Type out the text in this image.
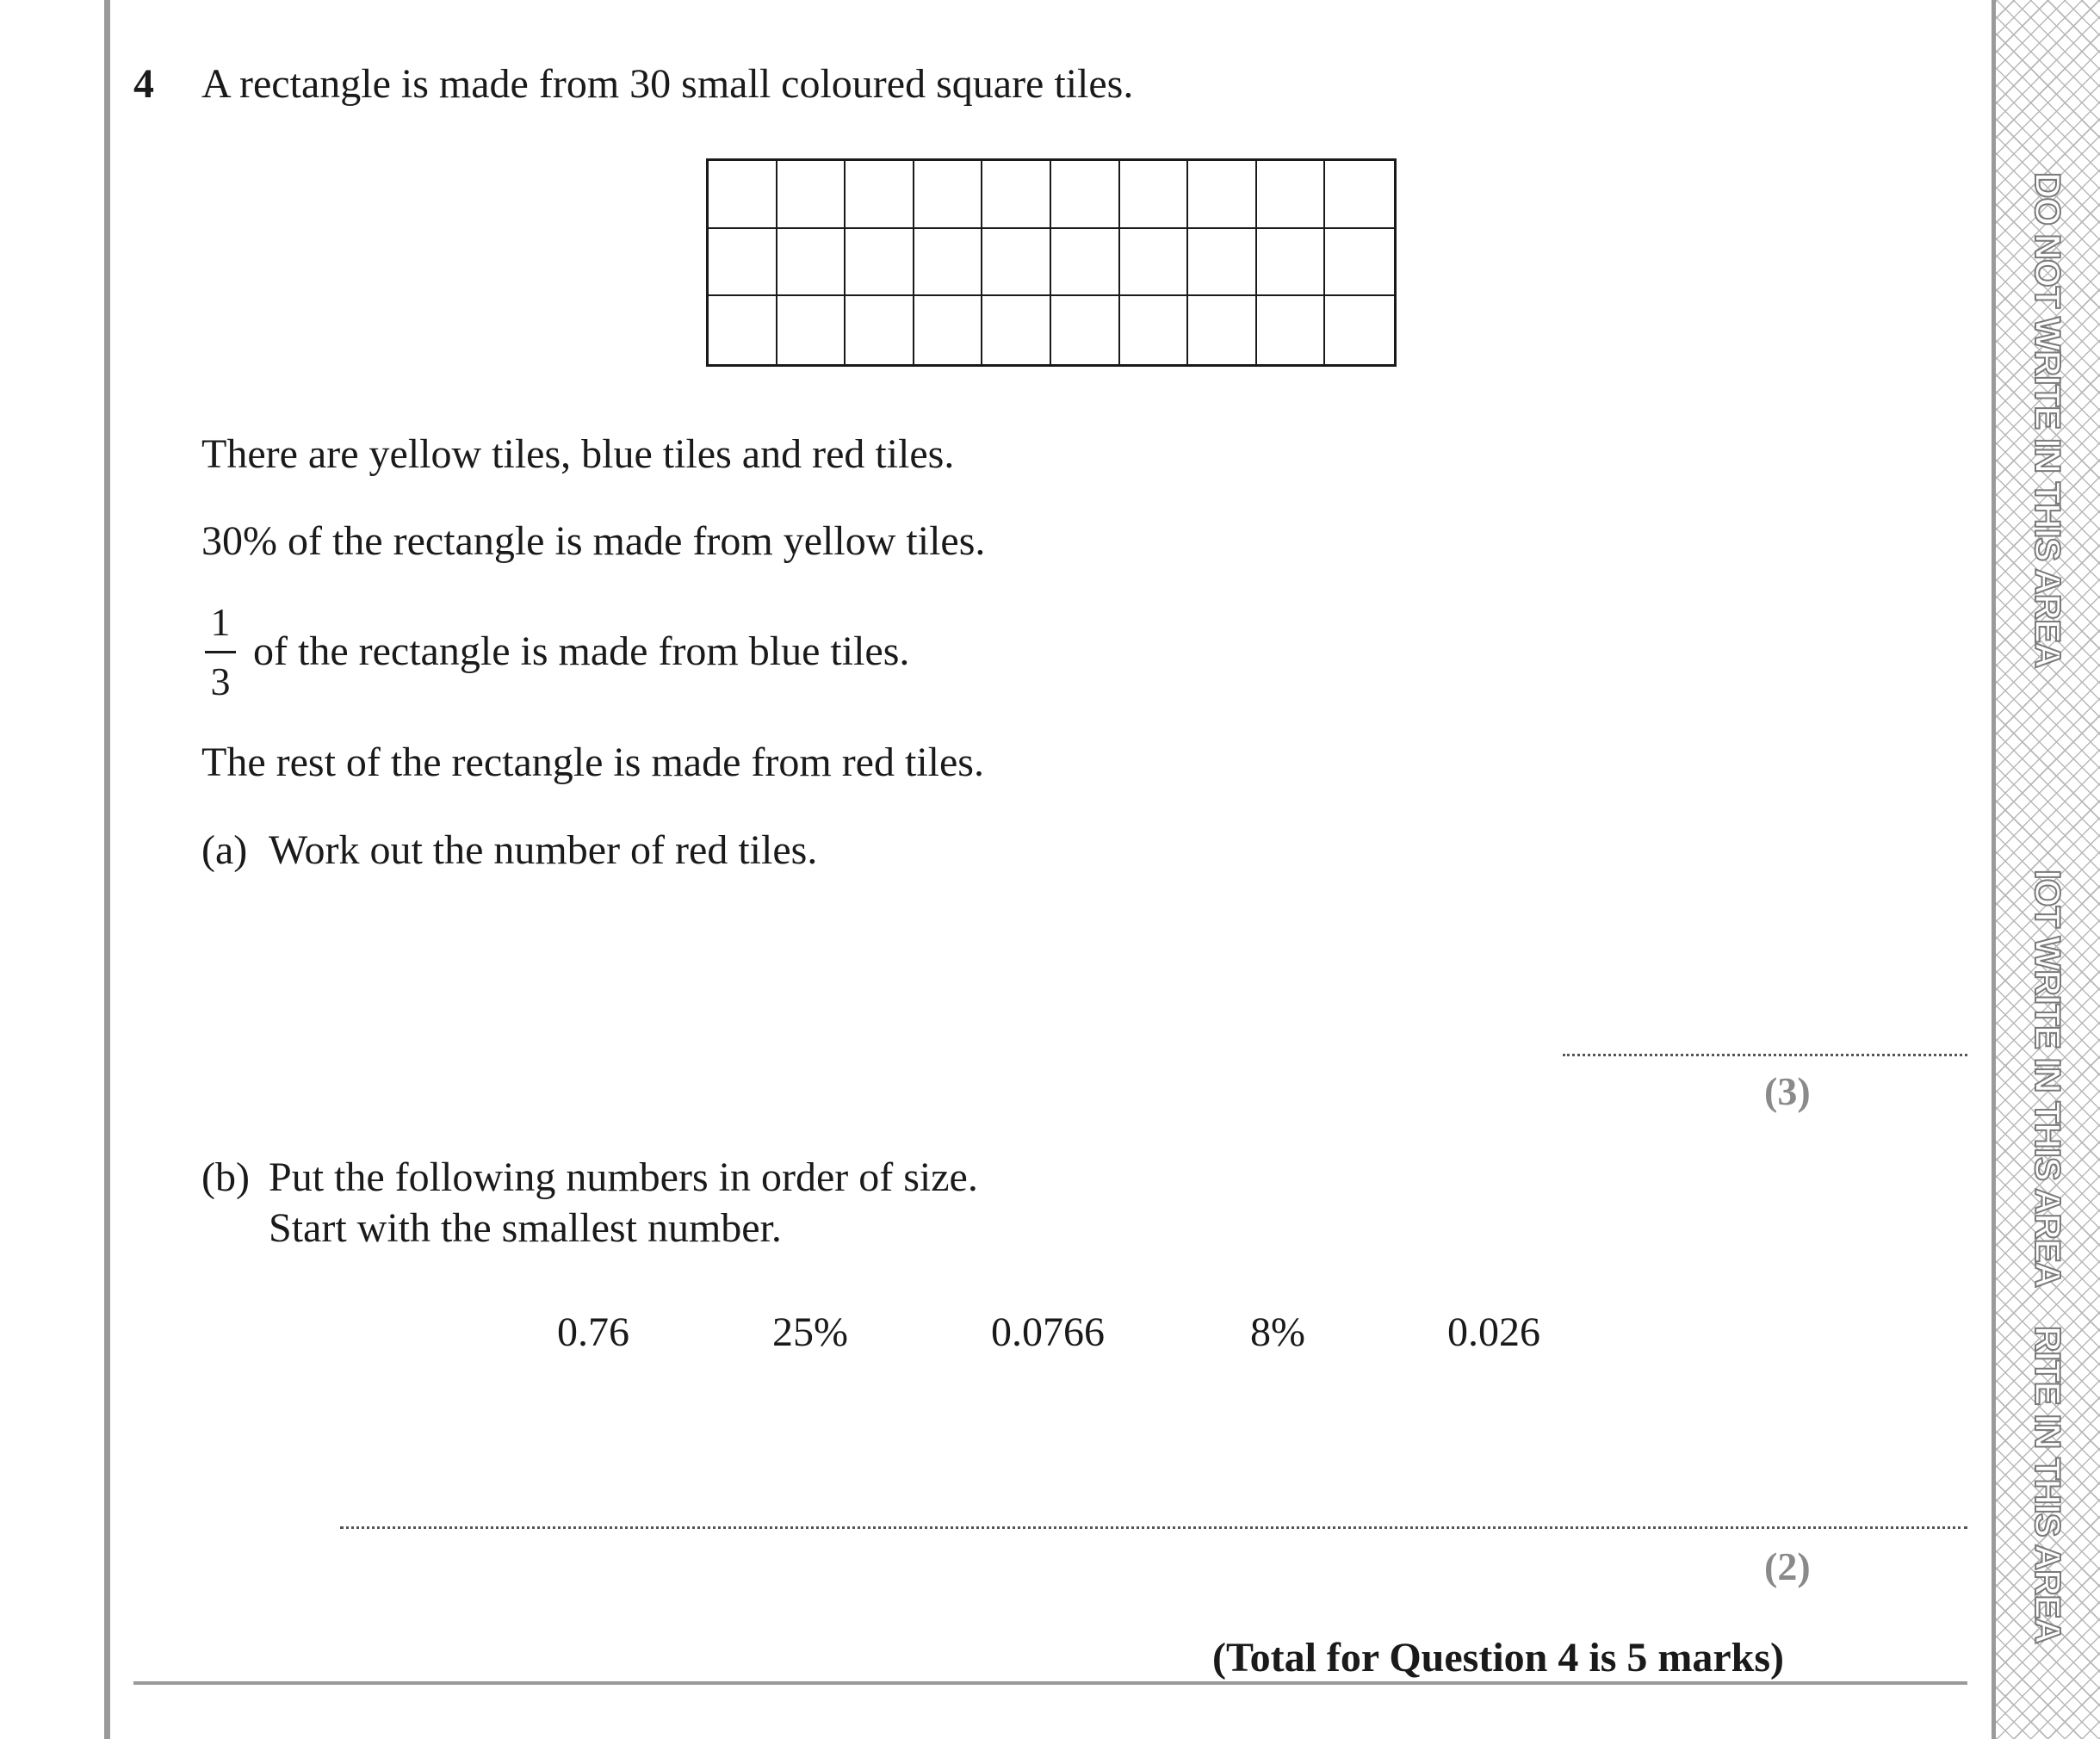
DO NOT WRITE IN THIS AREA
IOT WRITE IN THIS AREA
RITE IN THIS AREA
4 A rectangle is made from 30 small coloured square tiles.
There are yellow tiles, blue tiles and red tiles.
30% of the rectangle is made from yellow tiles.
1
3
of the rectangle is made from blue tiles.
The rest of the rectangle is made from red tiles.
(a) Work out the number of red tiles.
(3)
(b) Put the following numbers in order of size.
Start with the smallest number.
0.76	25%	0.0766	8%	0.026
(2)
(Total for Question 4 is 5 marks)
